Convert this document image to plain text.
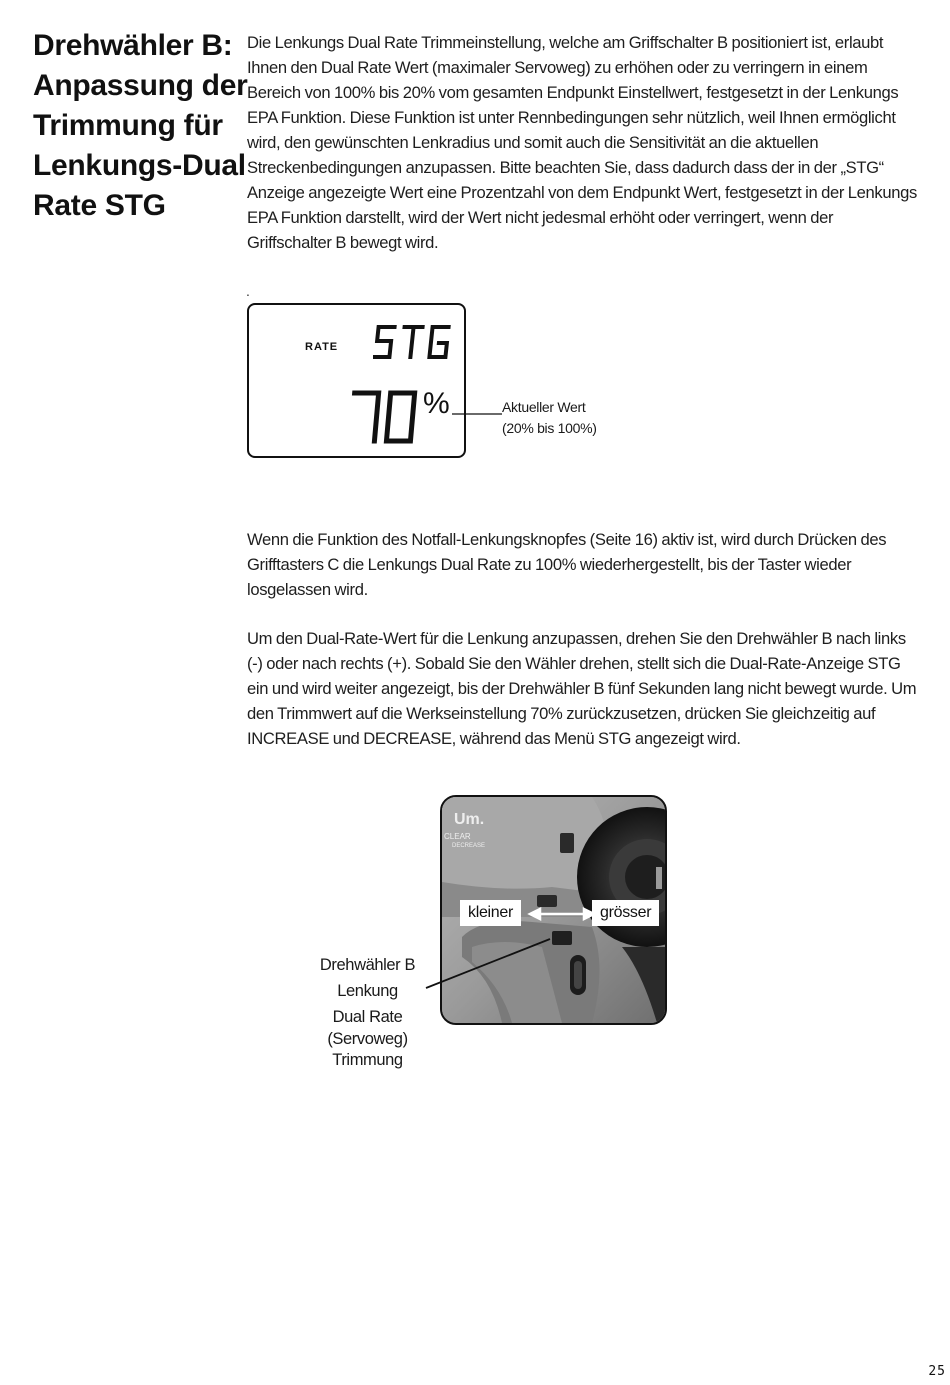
Drehwähler B:
Anpassung der
Trimmung für
Lenkungs-Dual
Rate STG

Die Lenkungs Dual Rate Trimmeinstellung, welche am Griffschalter B positioniert ist, erlaubt Ihnen den Dual Rate Wert (maximaler Servoweg) zu erhöhen oder zu verringern in einem Bereich von 100% bis 20% vom gesamten Endpunkt Einstellwert, festgesetzt in der Lenkungs EPA Funktion. Diese Funktion ist unter Rennbedingungen sehr nützlich, weil Ihnen ermöglicht wird, den gewünschten Lenkradius und somit auch die Sensitivität an die aktuellen Streckenbedingungen anzupassen. Bitte beachten Sie, dass dadurch dass der in der „STG“ Anzeige angezeigte Wert eine Prozentzahl von dem Endpunkt Wert, festgesetzt in der Lenkungs EPA Funktion darstellt, wird der Wert nicht jedesmal erhöht oder verringert, wenn der Griffschalter B bewegt wird.

.
RATE
%	Aktueller Wert
(20% bis 100%)

Wenn die Funktion des Notfall-Lenkungsknopfes (Seite 16) aktiv ist, wird durch Drücken des Grifftasters C die Lenkungs Dual Rate zu 100% wiederhergestellt, bis der Taster wieder losgelassen wird.

Um den Dual-Rate-Wert für die Lenkung anzupassen, drehen Sie den Drehwähler B nach links (-) oder nach rechts (+). Sobald Sie den Wähler drehen, stellt sich die Dual-Rate-Anzeige STG ein und wird weiter angezeigt, bis der Drehwähler B fünf Sekunden lang nicht bewegt wurde. Um den Trimmwert auf die Werkseinstellung 70% zurückzusetzen, drücken Sie gleichzeitig auf INCREASE und DECREASE, während das Menü STG angezeigt wird.

Um.
CLEAR
DECREASE
kleiner	grösser
Drehwähler B
Lenkung
Dual Rate
(Servoweg)
Trimmung
25
